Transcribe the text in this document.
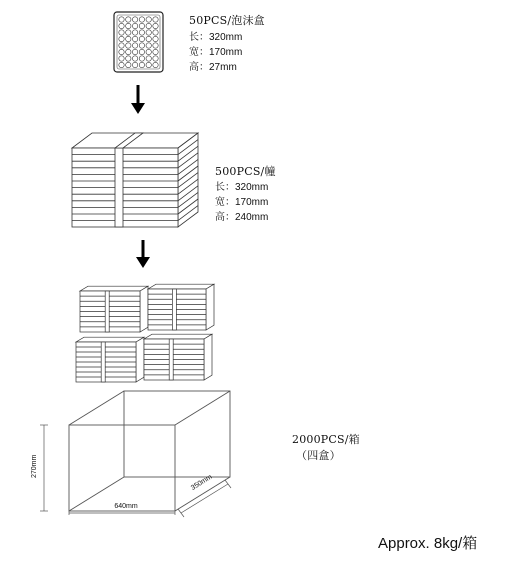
50PCS/泡沫盒
长：320mm
宽：170mm
高：27mm
500PCS/幢
长：320mm
宽：170mm
高：240mm
2000PCS/箱
（四盒）
640mm
350mm
270mm
Approx. 8kg/箱
